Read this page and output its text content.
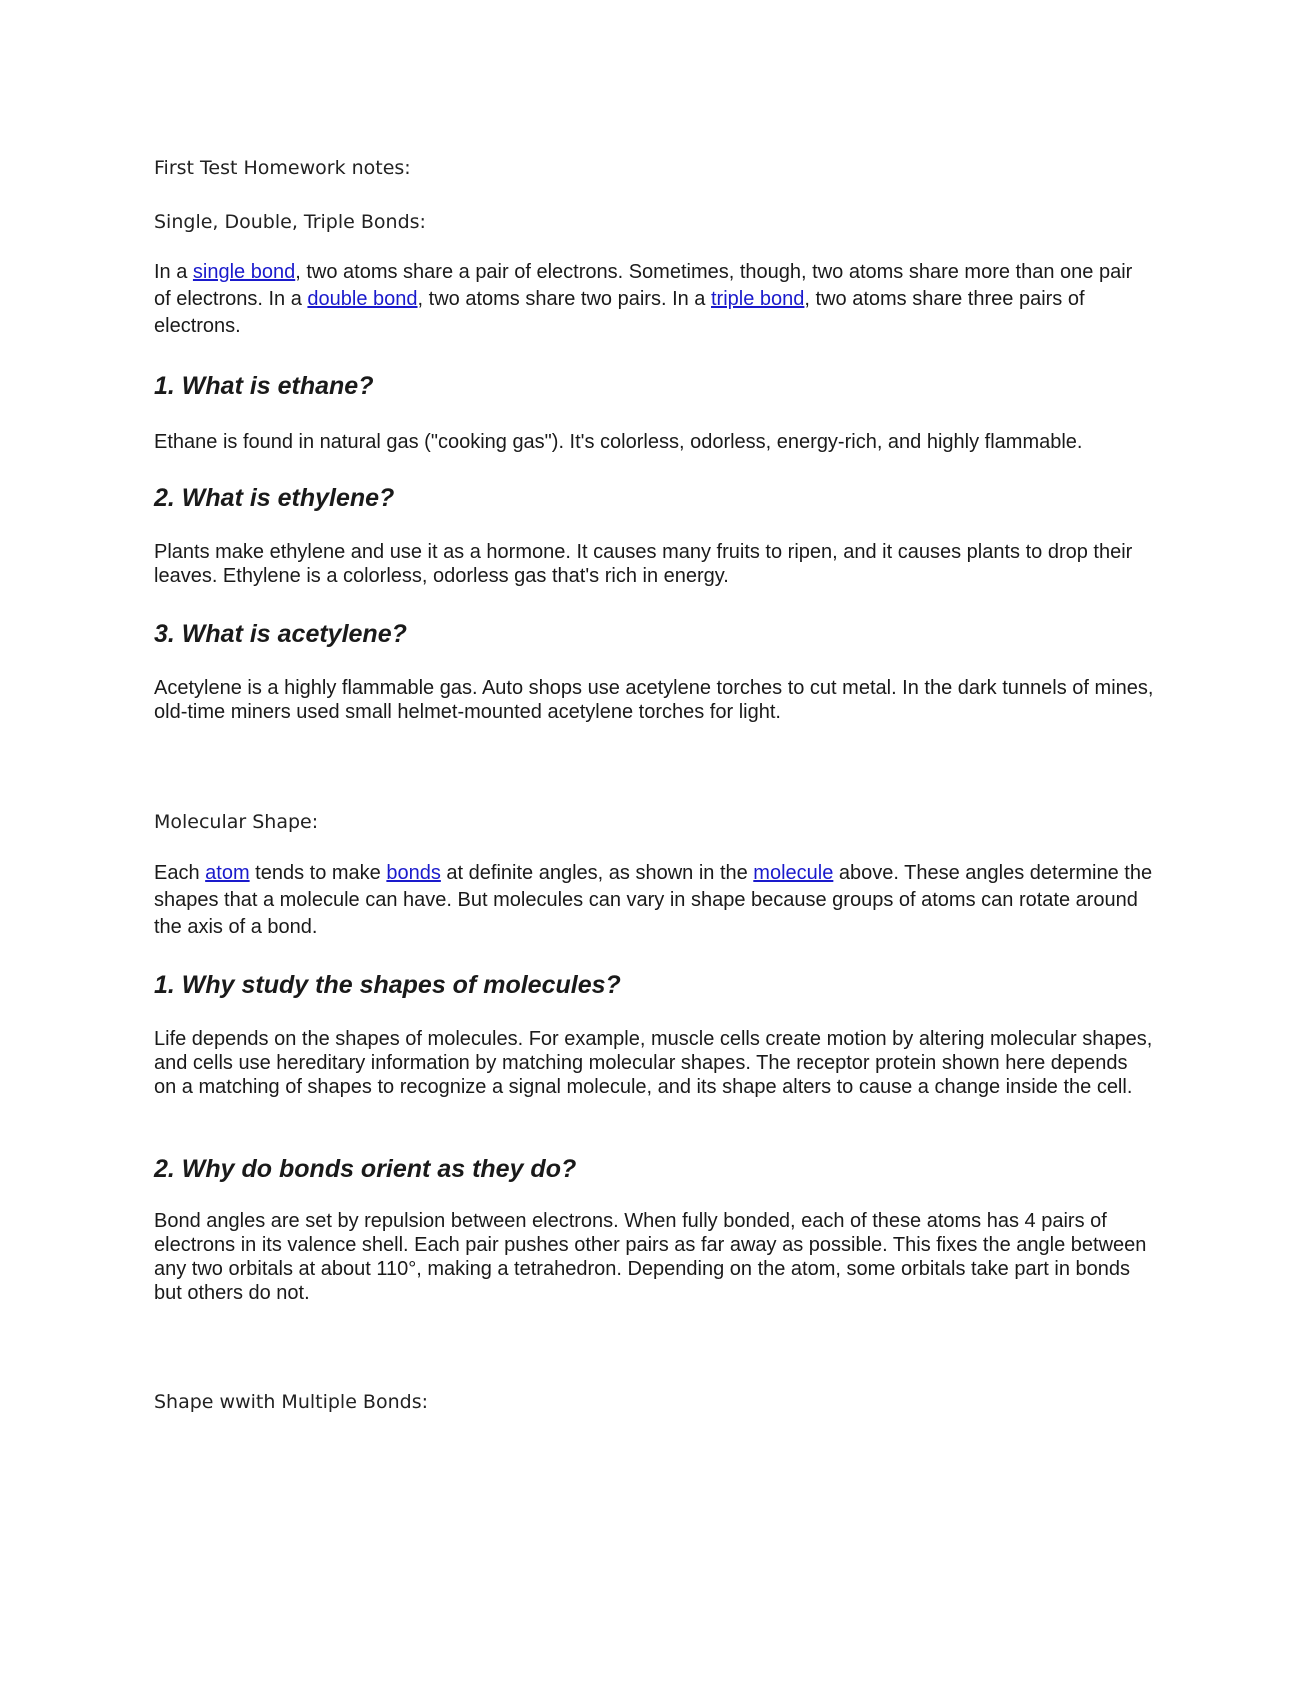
First Test Homework notes:
Single, Double, Triple Bonds:
In a single bond, two atoms share a pair of electrons. Sometimes, though, two atoms share more than one pair of electrons. In a double bond, two atoms share two pairs. In a triple bond, two atoms share three pairs of electrons.
1. What is ethane?
Ethane is found in natural gas ("cooking gas"). It's colorless, odorless, energy-rich, and highly flammable.
2. What is ethylene?
Plants make ethylene and use it as a hormone. It causes many fruits to ripen, and it causes plants to drop their leaves. Ethylene is a colorless, odorless gas that's rich in energy.
3. What is acetylene?
Acetylene is a highly flammable gas. Auto shops use acetylene torches to cut metal. In the dark tunnels of mines, old-time miners used small helmet-mounted acetylene torches for light.
Molecular Shape:
Each atom tends to make bonds at definite angles, as shown in the molecule above. These angles determine the shapes that a molecule can have. But molecules can vary in shape because groups of atoms can rotate around the axis of a bond.
1. Why study the shapes of molecules?
Life depends on the shapes of molecules. For example, muscle cells create motion by altering molecular shapes, and cells use hereditary information by matching molecular shapes. The receptor protein shown here depends on a matching of shapes to recognize a signal molecule, and its shape alters to cause a change inside the cell.
2. Why do bonds orient as they do?
Bond angles are set by repulsion between electrons. When fully bonded, each of these atoms has 4 pairs of electrons in its valence shell. Each pair pushes other pairs as far away as possible. This fixes the angle between any two orbitals at about 110°, making a tetrahedron. Depending on the atom, some orbitals take part in bonds but others do not.
Shape wwith Multiple Bonds:
